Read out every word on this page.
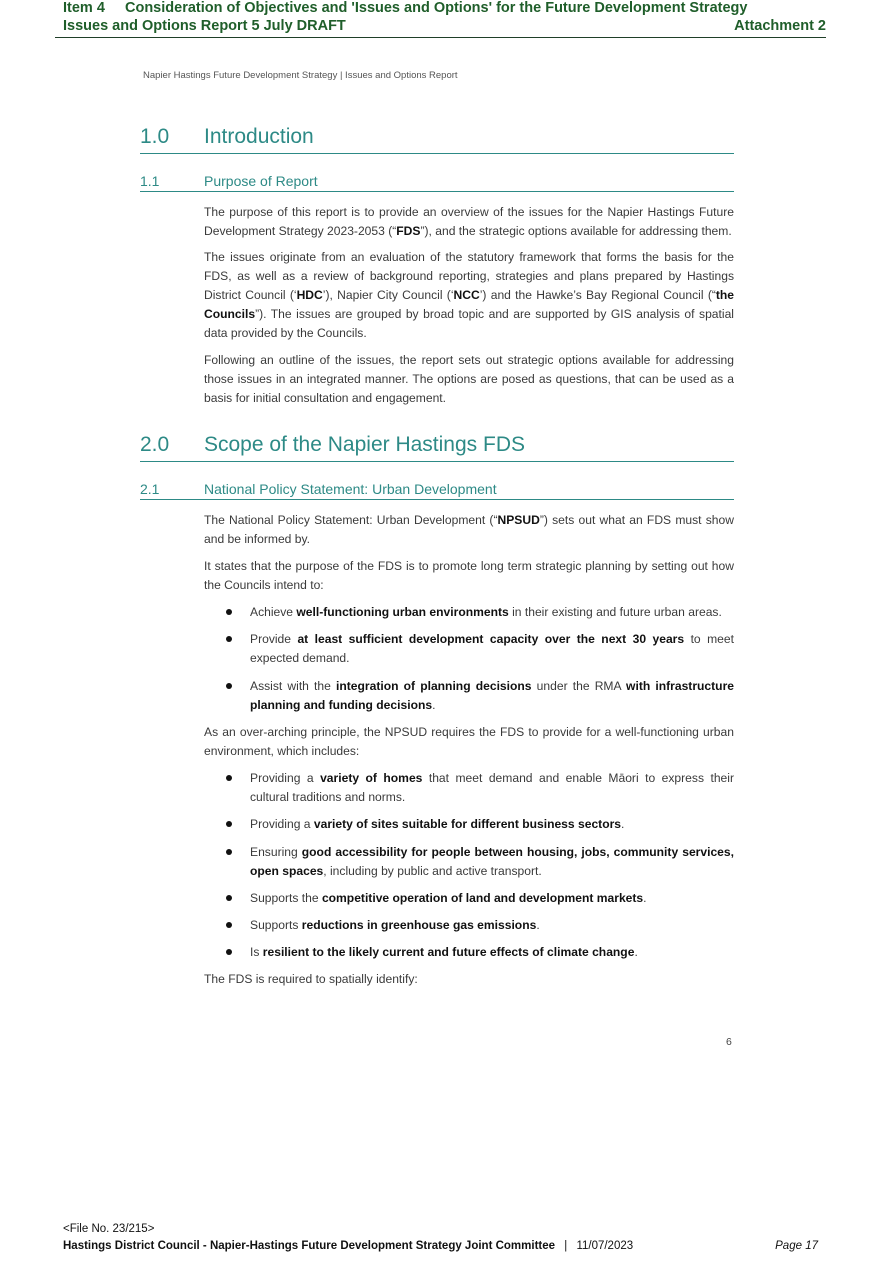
Item 4 Consideration of Objectives and 'Issues and Options' for the Future Development Strategy
Issues and Options Report 5 July DRAFT	Attachment 2
Napier Hastings Future Development Strategy | Issues and Options Report
1.0 Introduction
1.1	Purpose of Report

The purpose of this report is to provide an overview of the issues for the Napier Hastings Future Development Strategy 2023-2053 (“FDS”), and the strategic options available for addressing them.

The issues originate from an evaluation of the statutory framework that forms the basis for the FDS, as well as a review of background reporting, strategies and plans prepared by Hastings District Council (‘HDC’), Napier City Council (‘NCC’) and the Hawke’s Bay Regional Council (“the Councils”). The issues are grouped by broad topic and are supported by GIS analysis of spatial data provided by the Councils.

Following an outline of the issues, the report sets out strategic options available for addressing those issues in an integrated manner. The options are posed as questions, that can be used as a basis for initial consultation and engagement.

2.0 Scope of the Napier Hastings FDS
2.1	National Policy Statement: Urban Development

The National Policy Statement: Urban Development (“NPSUD”) sets out what an FDS must show and be informed by.

It states that the purpose of the FDS is to promote long term strategic planning by setting out how the Councils intend to:

Achieve well-functioning urban environments in their existing and future urban areas.
Provide at least sufficient development capacity over the next 30 years to meet expected demand.
Assist with the integration of planning decisions under the RMA with infrastructure planning and funding decisions.

As an over-arching principle, the NPSUD requires the FDS to provide for a well-functioning urban environment, which includes:

Providing a variety of homes that meet demand and enable Māori to express their cultural traditions and norms.
Providing a variety of sites suitable for different business sectors.
Ensuring good accessibility for people between housing, jobs, community services, open spaces, including by public and active transport.
Supports the competitive operation of land and development markets.
Supports reductions in greenhouse gas emissions.
Is resilient to the likely current and future effects of climate change.

The FDS is required to spatially identify:

6
<File No. 23/215>
Hastings District Council - Napier-Hastings Future Development Strategy Joint Committee | 11/07/2023	Page 17
